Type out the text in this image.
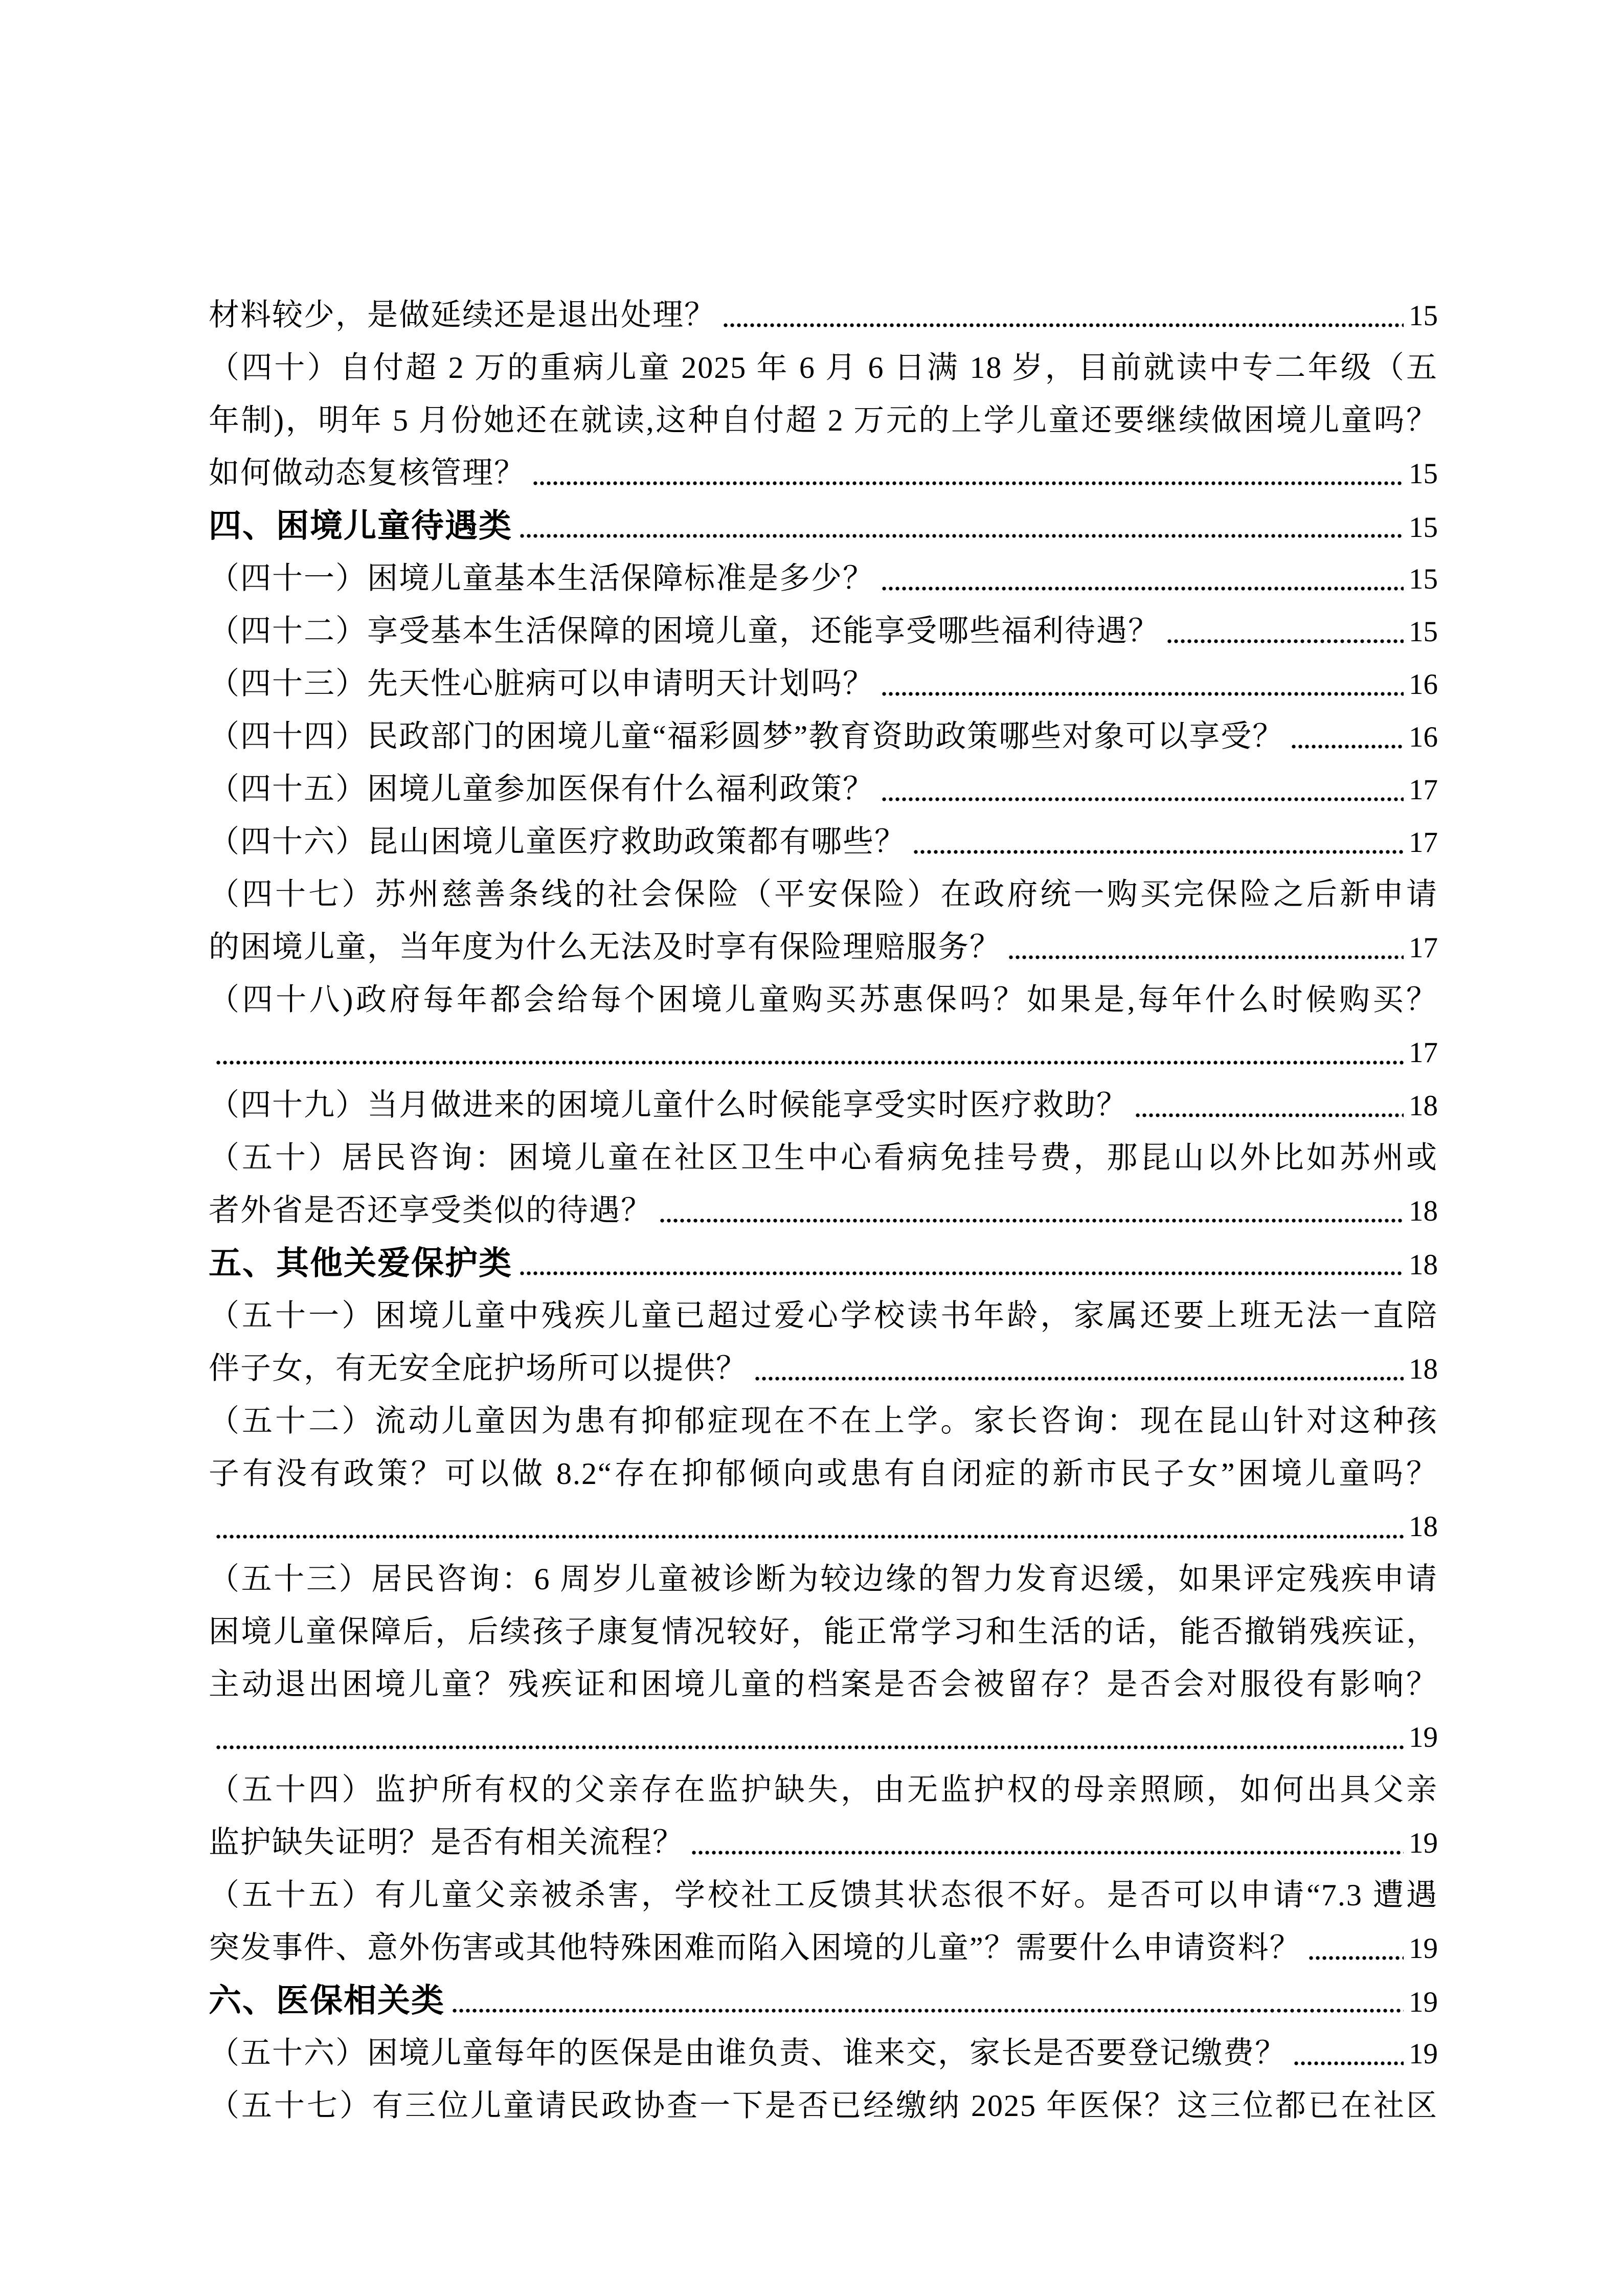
材料较少，是做延续还是退出处理？	15
（四十）自付超 2 万的重病儿童 2025 年 6 月 6 日满 18 岁，目前就读中专二年级（五
年制)，明年 5 月份她还在就读,这种自付超 2 万元的上学儿童还要继续做困境儿童吗？
如何做动态复核管理？	15
四、困境儿童待遇类	15
（四十一）困境儿童基本生活保障标准是多少？	15
（四十二）享受基本生活保障的困境儿童，还能享受哪些福利待遇？	15
（四十三）先天性心脏病可以申请明天计划吗？	16
（四十四）民政部门的困境儿童“福彩圆梦”教育资助政策哪些对象可以享受？	16
（四十五）困境儿童参加医保有什么福利政策？	17
（四十六）昆山困境儿童医疗救助政策都有哪些？	17
（四十七）苏州慈善条线的社会保险（平安保险）在政府统一购买完保险之后新申请
的困境儿童，当年度为什么无法及时享有保险理赔服务？	17
（四十八)政府每年都会给每个困境儿童购买苏惠保吗？如果是,每年什么时候购买？
17
（四十九）当月做进来的困境儿童什么时候能享受实时医疗救助？	18
（五十）居民咨询：困境儿童在社区卫生中心看病免挂号费，那昆山以外比如苏州或
者外省是否还享受类似的待遇？	18
五、其他关爱保护类	18
（五十一）困境儿童中残疾儿童已超过爱心学校读书年龄，家属还要上班无法一直陪
伴子女，有无安全庇护场所可以提供？	18
（五十二）流动儿童因为患有抑郁症现在不在上学。家长咨询：现在昆山针对这种孩
子有没有政策？可以做 8.2“存在抑郁倾向或患有自闭症的新市民子女”困境儿童吗？
18
（五十三）居民咨询：6 周岁儿童被诊断为较边缘的智力发育迟缓，如果评定残疾申请
困境儿童保障后，后续孩子康复情况较好，能正常学习和生活的话，能否撤销残疾证，
主动退出困境儿童？残疾证和困境儿童的档案是否会被留存？是否会对服役有影响？
19
（五十四）监护所有权的父亲存在监护缺失，由无监护权的母亲照顾，如何出具父亲
监护缺失证明？是否有相关流程？	19
（五十五）有儿童父亲被杀害，学校社工反馈其状态很不好。是否可以申请“7.3 遭遇
突发事件、意外伤害或其他特殊困难而陷入困境的儿童”？需要什么申请资料？	19
六、医保相关类	19
（五十六）困境儿童每年的医保是由谁负责、谁来交，家长是否要登记缴费？	19
（五十七）有三位儿童请民政协查一下是否已经缴纳 2025 年医保？这三位都已在社区
